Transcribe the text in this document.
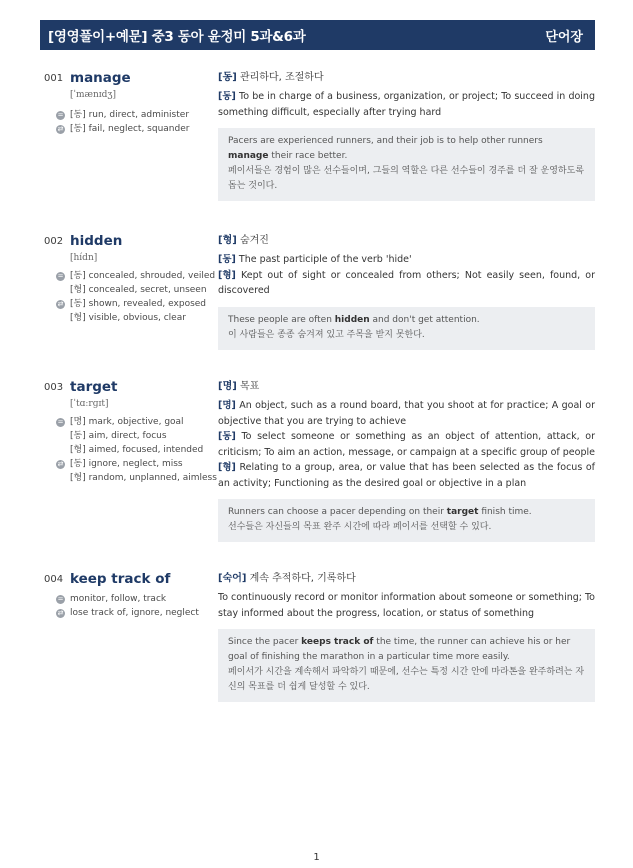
[영영풀이+예문] 중3 동아 윤정미 5과&6과	단어장
001 manage
[ˈmænɪdʒ]
= [동] run, direct, administer
⇄ [동] fail, neglect, squander
[동] 관리하다, 조절하다

[동] To be in charge of a business, organization, or project; To succeed in doing something difficult, especially after trying hard

Pacers are experienced runners, and their job is to help other runners manage their race better.

페이서들은 경험이 많은 선수들이며, 그들의 역할은 다른 선수들이 경주를 더 잘 운영하도록 돕는 것이다.

002 hidden
[hídn]
= [동] concealed, shrouded, veiled
[형] concealed, secret, unseen
⇄ [동] shown, revealed, exposed
[형] visible, obvious, clear
[형] 숨겨진

[동] The past participle of the verb 'hide'

[형] Kept out of sight or concealed from others; Not easily seen, found, or discovered

These people are often hidden and don't get attention.

이 사람들은 종종 숨겨져 있고 주목을 받지 못한다.

003 target
[ˈtɑːrɡɪt]
= [명] mark, objective, goal
[동] aim, direct, focus
[형] aimed, focused, intended
⇄ [동] ignore, neglect, miss
[형] random, unplanned, aimless
[명] 목표

[명] An object, such as a round board, that you shoot at for practice; A goal or objective that you are trying to achieve

[동] To select someone or something as an object of attention, attack, or criticism; To aim an action, message, or campaign at a specific group of people

[형] Relating to a group, area, or value that has been selected as the focus of an activity; Functioning as the desired goal or objective in a plan

Runners can choose a pacer depending on their target finish time.

선수들은 자신들의 목표 완주 시간에 따라 페이서를 선택할 수 있다.

004 keep track of
= monitor, follow, track
⇄ lose track of, ignore, neglect
[숙어] 계속 추적하다, 기록하다

To continuously record or monitor information about someone or something; To stay informed about the progress, location, or status of something

Since the pacer keeps track of the time, the runner can achieve his or her goal of finishing the marathon in a particular time more easily.

페이서가 시간을 계속해서 파악하기 때문에, 선수는 특정 시간 안에 마라톤을 완주하려는 자신의 목표를 더 쉽게 달성할 수 있다.

1
